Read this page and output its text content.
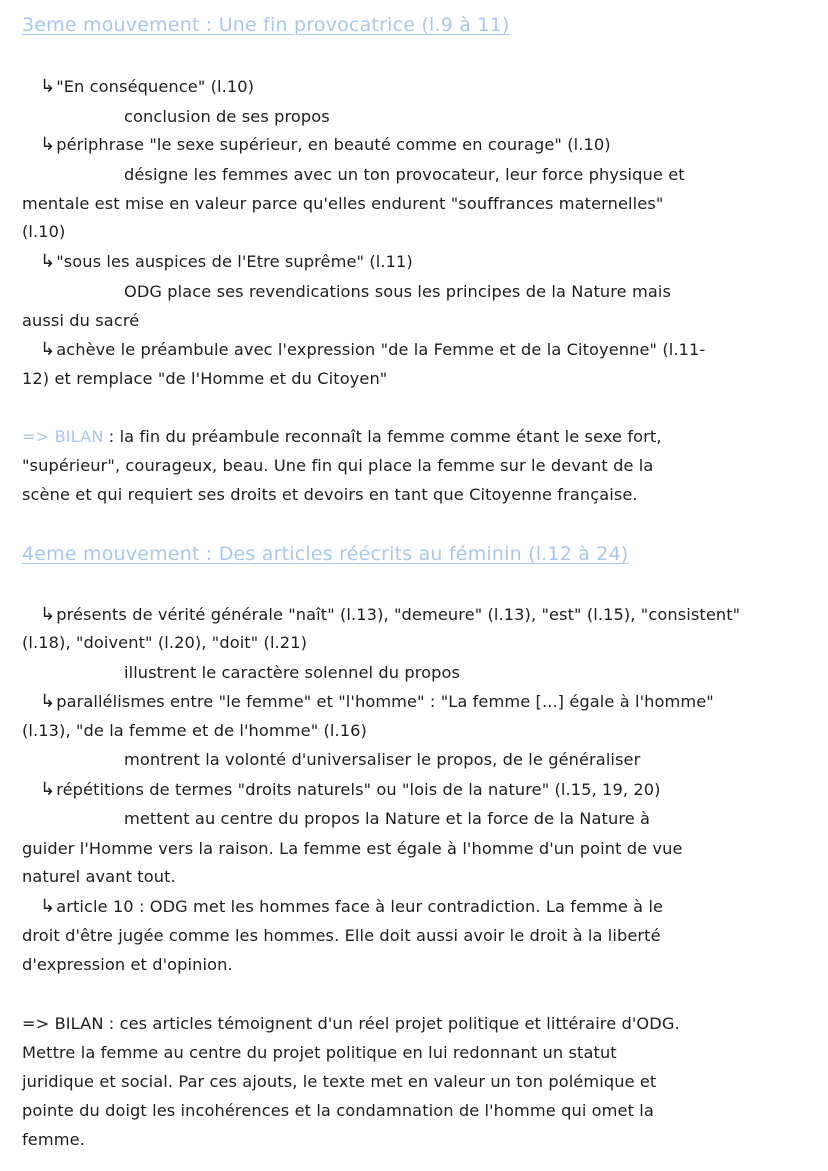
3eme mouvement : Une fin provocatrice (l.9 à 11)
↳"En conséquence" (l.10)
conclusion de ses propos
↳périphrase "le sexe supérieur, en beauté comme en courage" (l.10)
désigne les femmes avec un ton provocateur, leur force physique et
mentale est mise en valeur parce qu'elles endurent "souffrances maternelles"
(l.10)
↳"sous les auspices de l'Etre suprême" (l.11)
ODG place ses revendications sous les principes de la Nature mais
aussi du sacré
↳achève le préambule avec l'expression "de la Femme et de la Citoyenne" (l.11-
12) et remplace "de l'Homme et du Citoyen"
=> BILAN : la fin du préambule reconnaît la femme comme étant le sexe fort,
"supérieur", courageux, beau. Une fin qui place la femme sur le devant de la
scène et qui requiert ses droits et devoirs en tant que Citoyenne française.
4eme mouvement : Des articles réécrits au féminin (l.12 à 24)
↳présents de vérité générale "naît" (l.13), "demeure" (l.13), "est" (l.15), "consistent"
(l.18), "doivent" (l.20), "doit" (l.21)
illustrent le caractère solennel du propos
↳parallélismes entre "le femme" et "l'homme" : "La femme [...] égale à l'homme"
(l.13), "de la femme et de l'homme" (l.16)
montrent la volonté d'universaliser le propos, de le généraliser
↳répétitions de termes "droits naturels" ou "lois de la nature" (l.15, 19, 20)
mettent au centre du propos la Nature et la force de la Nature à
guider l'Homme vers la raison. La femme est égale à l'homme d'un point de vue
naturel avant tout.
↳article 10 : ODG met les hommes face à leur contradiction. La femme à le
droit d'être jugée comme les hommes. Elle doit aussi avoir le droit à la liberté
d'expression et d'opinion.
=> BILAN : ces articles témoignent d'un réel projet politique et littéraire d'ODG.
Mettre la femme au centre du projet politique en lui redonnant un statut
juridique et social. Par ces ajouts, le texte met en valeur un ton polémique et
pointe du doigt les incohérences et la condamnation de l'homme qui omet la
femme.
